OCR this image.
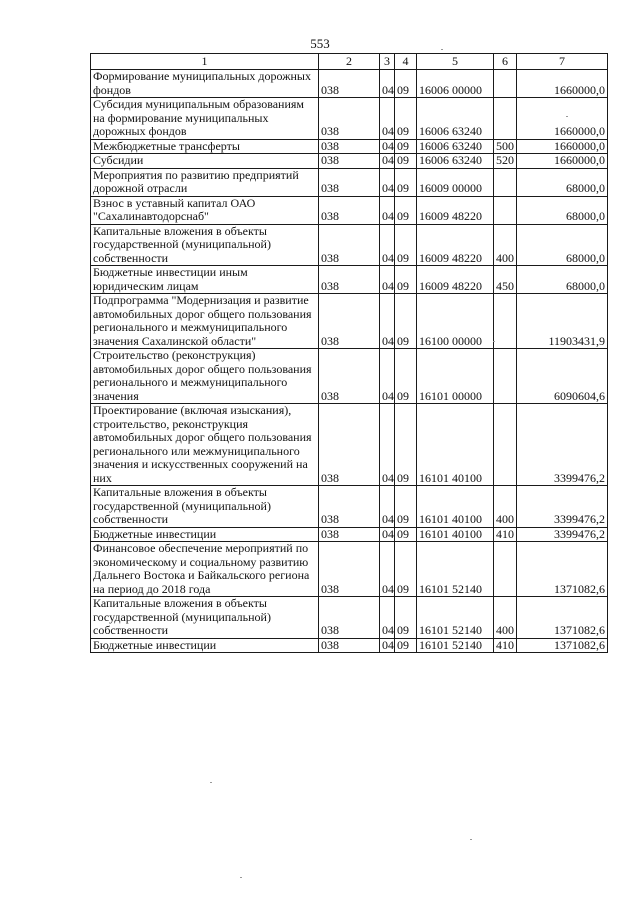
553
1	2	3	4	5	6	7
Формирование муниципальных дорожных фондов	038	04	09	16006 00000		1660000,0
Субсидия муниципальным образованиям на формирование муниципальных дорожных фондов	038	04	09	16006 63240		1660000,0
Межбюджетные трансферты	038	04	09	16006 63240	500	1660000,0
Субсидии	038	04	09	16006 63240	520	1660000,0
Мероприятия по развитию предприятий дорожной отрасли	038	04	09	16009 00000		68000,0
Взнос в уставный капитал ОАО "Сахалинавтодорснаб"	038	04	09	16009 48220		68000,0
Капитальные вложения в объекты государственной (муниципальной) собственности	038	04	09	16009 48220	400	68000,0
Бюджетные инвестиции иным юридическим лицам	038	04	09	16009 48220	450	68000,0
Подпрограмма "Модернизация и развитие автомобильных дорог общего пользования регионального и межмуниципального значения Сахалинской области"	038	04	09	16100 00000		11903431,9
Строительство (реконструкция) автомобильных дорог общего пользования регионального и межмуниципального значения	038	04	09	16101 00000		6090604,6
Проектирование (включая изыскания), строительство, реконструкция автомобильных дорог общего пользования регионального или межмуниципального значения и искусственных сооружений на них	038	04	09	16101 40100		3399476,2
Капитальные вложения в объекты государственной (муниципальной) собственности	038	04	09	16101 40100	400	3399476,2
Бюджетные инвестиции	038	04	09	16101 40100	410	3399476,2
Финансовое обеспечение мероприятий по экономическому и социальному развитию Дальнего Востока и Байкальского региона на период до 2018 года	038	04	09	16101 52140		1371082,6
Капитальные вложения в объекты государственной (муниципальной) собственности	038	04	09	16101 52140	400	1371082,6
Бюджетные инвестиции	038	04	09	16101 52140	410	1371082,6
